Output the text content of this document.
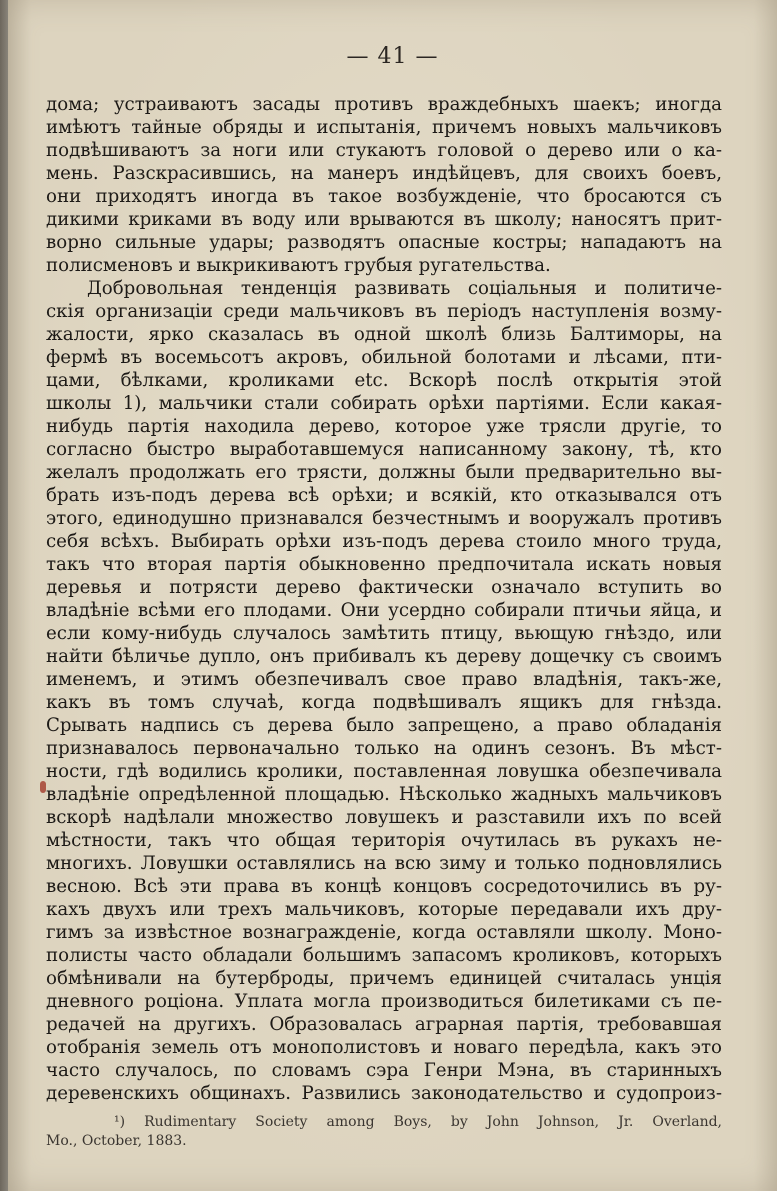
— 41 —
дома; устраиваютъ засады противъ враждебныхъ шаекъ; иногда
имѣютъ тайные обряды и испытанія, причемъ новыхъ мальчиковъ
подвѣшиваютъ за ноги или стукаютъ головой о дерево или о ка-
мень. Разскрасившись, на манеръ индѣйцевъ, для своихъ боевъ,
они приходятъ иногда въ такое возбужденіе, что бросаются съ
дикими криками въ воду или врываются въ школу; наносятъ прит-
ворно сильные удары; разводятъ опасные костры; нападаютъ на
полисменовъ и выкрикиваютъ грубыя ругательства.
Добровольная тенденція развивать соціальныя и политиче-
скія организаціи среди мальчиковъ въ періодъ наступленія возму-
жалости, ярко сказалась въ одной школѣ близь Балтиморы, на
фермѣ въ восемьсотъ акровъ, обильной болотами и лѣсами, пти-
цами, бѣлками, кроликами etc. Вскорѣ послѣ открытія этой
школы 1), мальчики стали собирать орѣхи партіями. Если какая-
нибудь партія находила дерево, которое уже трясли другіе, то
согласно быстро выработавшемуся написанному закону, тѣ, кто
желалъ продолжать его трясти, должны были предварительно вы-
брать изъ-подъ дерева всѣ орѣхи; и всякій, кто отказывался отъ
этого, единодушно признавался безчестнымъ и вооружалъ противъ
себя всѣхъ. Выбирать орѣхи изъ-подъ дерева стоило много труда,
такъ что вторая партія обыкновенно предпочитала искать новыя
деревья и потрясти дерево фактически означало вступить во
владѣніе всѣми его плодами. Они усердно собирали птичьи яйца, и
если кому-нибудь случалось замѣтить птицу, вьющую гнѣздо, или
найти бѣличье дупло, онъ прибивалъ къ дереву дощечку съ своимъ
именемъ, и этимъ обезпечивалъ свое право владѣнія, такъ-же,
какъ въ томъ случаѣ, когда подвѣшивалъ ящикъ для гнѣзда.
Срывать надпись съ дерева было запрещено, а право обладанія
признавалось первоначально только на одинъ сезонъ. Въ мѣст-
ности, гдѣ водились кролики, поставленная ловушка обезпечивала
владѣніе опредѣленной площадью. Нѣсколько жадныхъ мальчиковъ
вскорѣ надѣлали множество ловушекъ и разставили ихъ по всей
мѣстности, такъ что общая територія очутилась въ рукахъ не-
многихъ. Ловушки оставлялись на всю зиму и только подновлялись
весною. Всѣ эти права въ концѣ концовъ сосредоточились въ ру-
кахъ двухъ или трехъ мальчиковъ, которые передавали ихъ дру-
гимъ за извѣстное вознагражденіе, когда оставляли школу. Моно-
полисты часто обладали большимъ запасомъ кроликовъ, которыхъ
обмѣнивали на бутерброды, причемъ единицей считалась унція
дневного роціона. Уплата могла производиться билетиками съ пе-
редачей на другихъ. Образовалась аграрная партія, требовавшая
отобранія земель отъ монополистовъ и новаго передѣла, какъ это
часто случалось, по словамъ сэра Генри Мэна, въ старинныхъ
деревенскихъ общинахъ. Развились законодательство и судопроиз-
¹) Rudimentary Society among Boys, by John Johnson, Jr. Overland,
Mo., October, 1883.
